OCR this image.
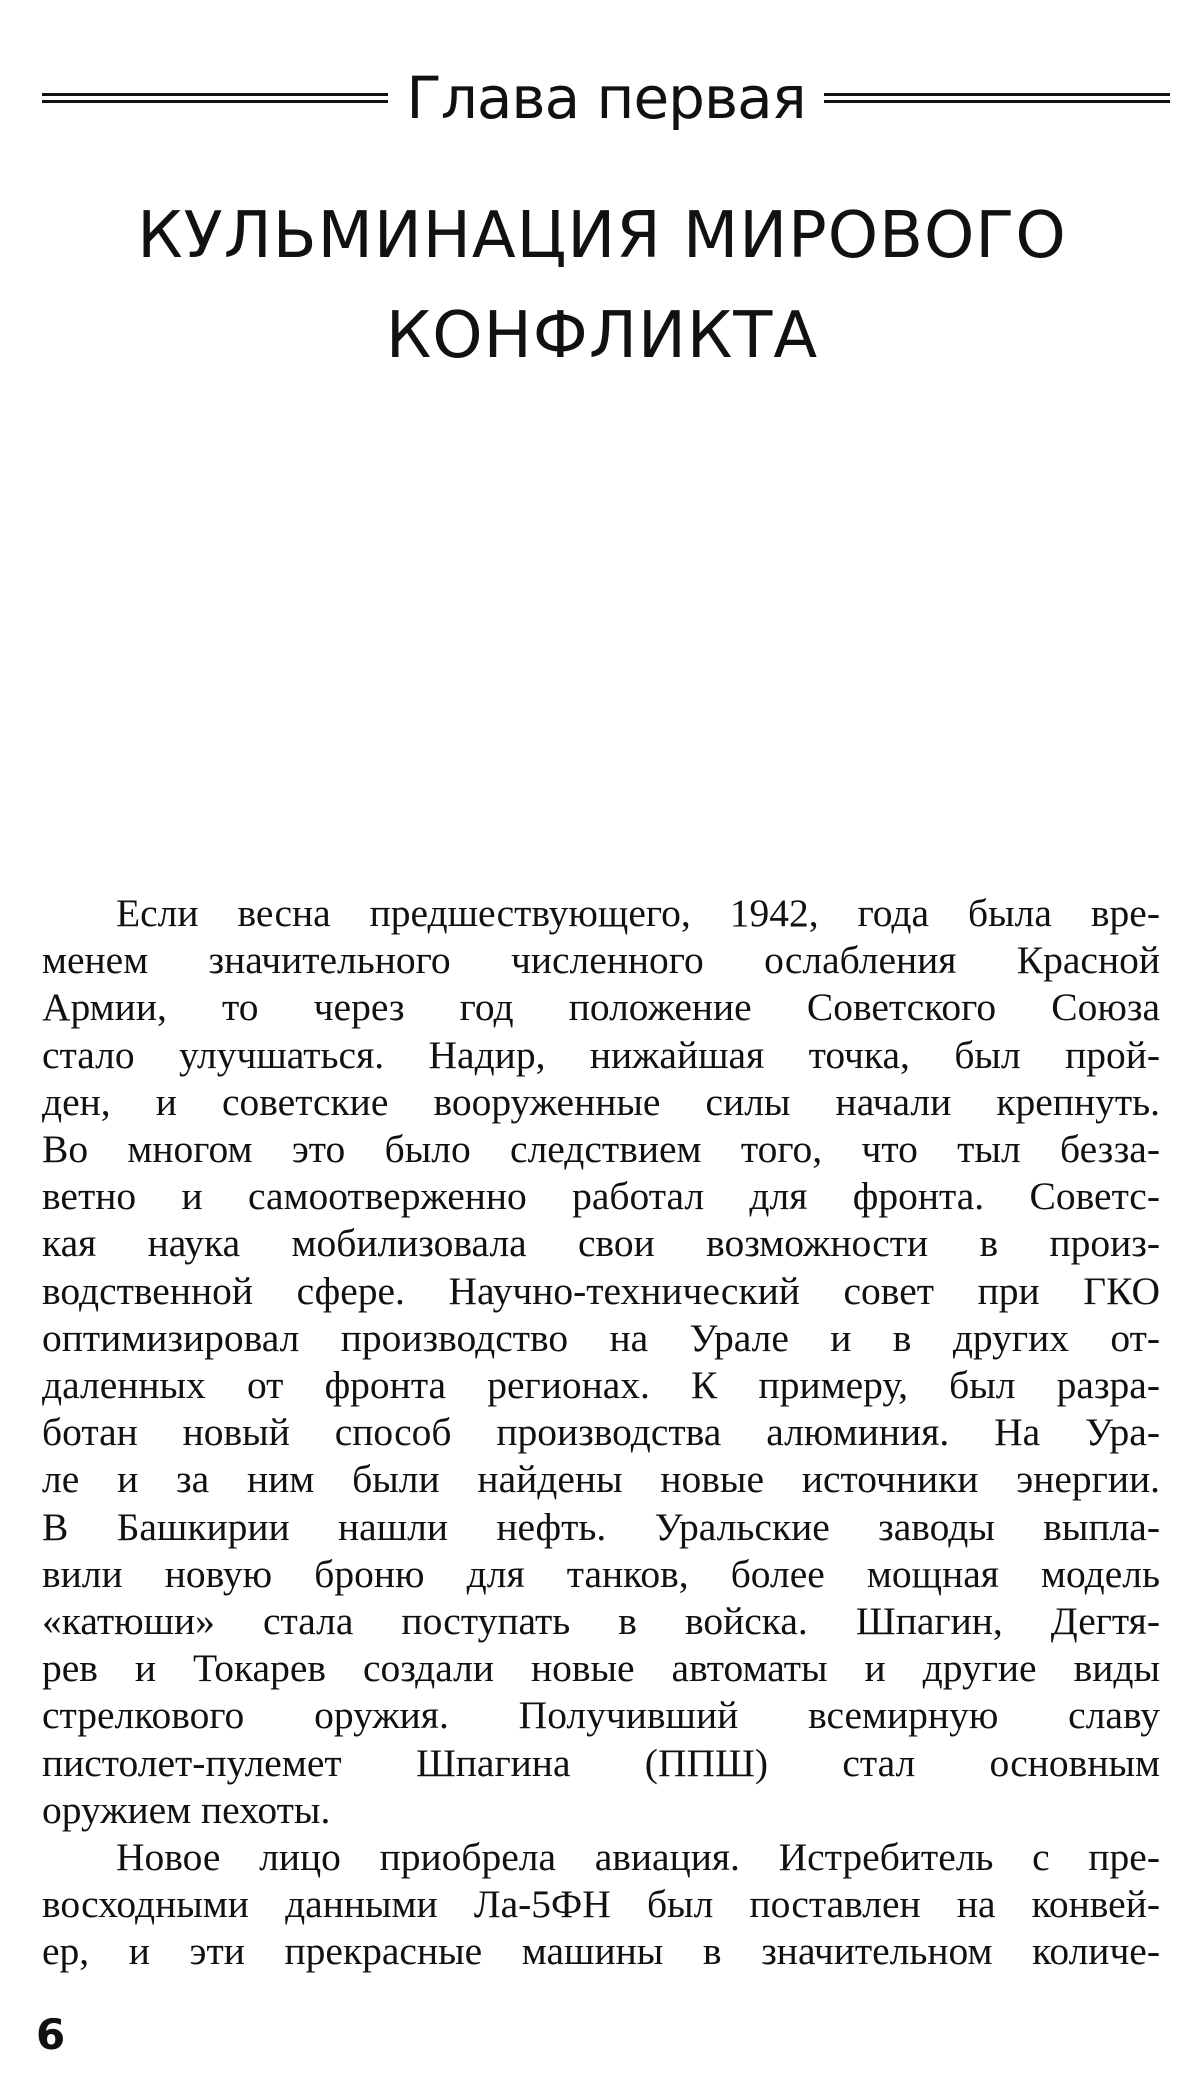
Глава первая
КУЛЬМИНАЦИЯ МИРОВОГО
КОНФЛИКТА

Если весна предшествующего, 1942, года была вре-
менем значительного численного ослабления Красной
Армии, то через год положение Советского Союза
стало улучшаться. Надир, нижайшая точка, был прой-
ден, и советские вооруженные силы начали крепнуть.
Во многом это было следствием того, что тыл безза-
ветно и самоотверженно работал для фронта. Советс-
кая наука мобилизовала свои возможности в произ-
водственной сфере. Научно-технический совет при ГКО
оптимизировал производство на Урале и в других от-
даленных от фронта регионах. К примеру, был разра-
ботан новый способ производства алюминия. На Ура-
ле и за ним были найдены новые источники энергии.
В Башкирии нашли нефть. Уральские заводы выпла-
вили новую броню для танков, более мощная модель
«катюши» стала поступать в войска. Шпагин, Дегтя-
рев и Токарев создали новые автоматы и другие виды
стрелкового оружия. Получивший всемирную славу
пистолет-пулемет Шпагина (ППШ) стал основным
оружием пехоты.

Новое лицо приобрела авиация. Истребитель с пре-
восходными данными Ла-5ФН был поставлен на конвей-
ер, и эти прекрасные машины в значительном количе-

6
